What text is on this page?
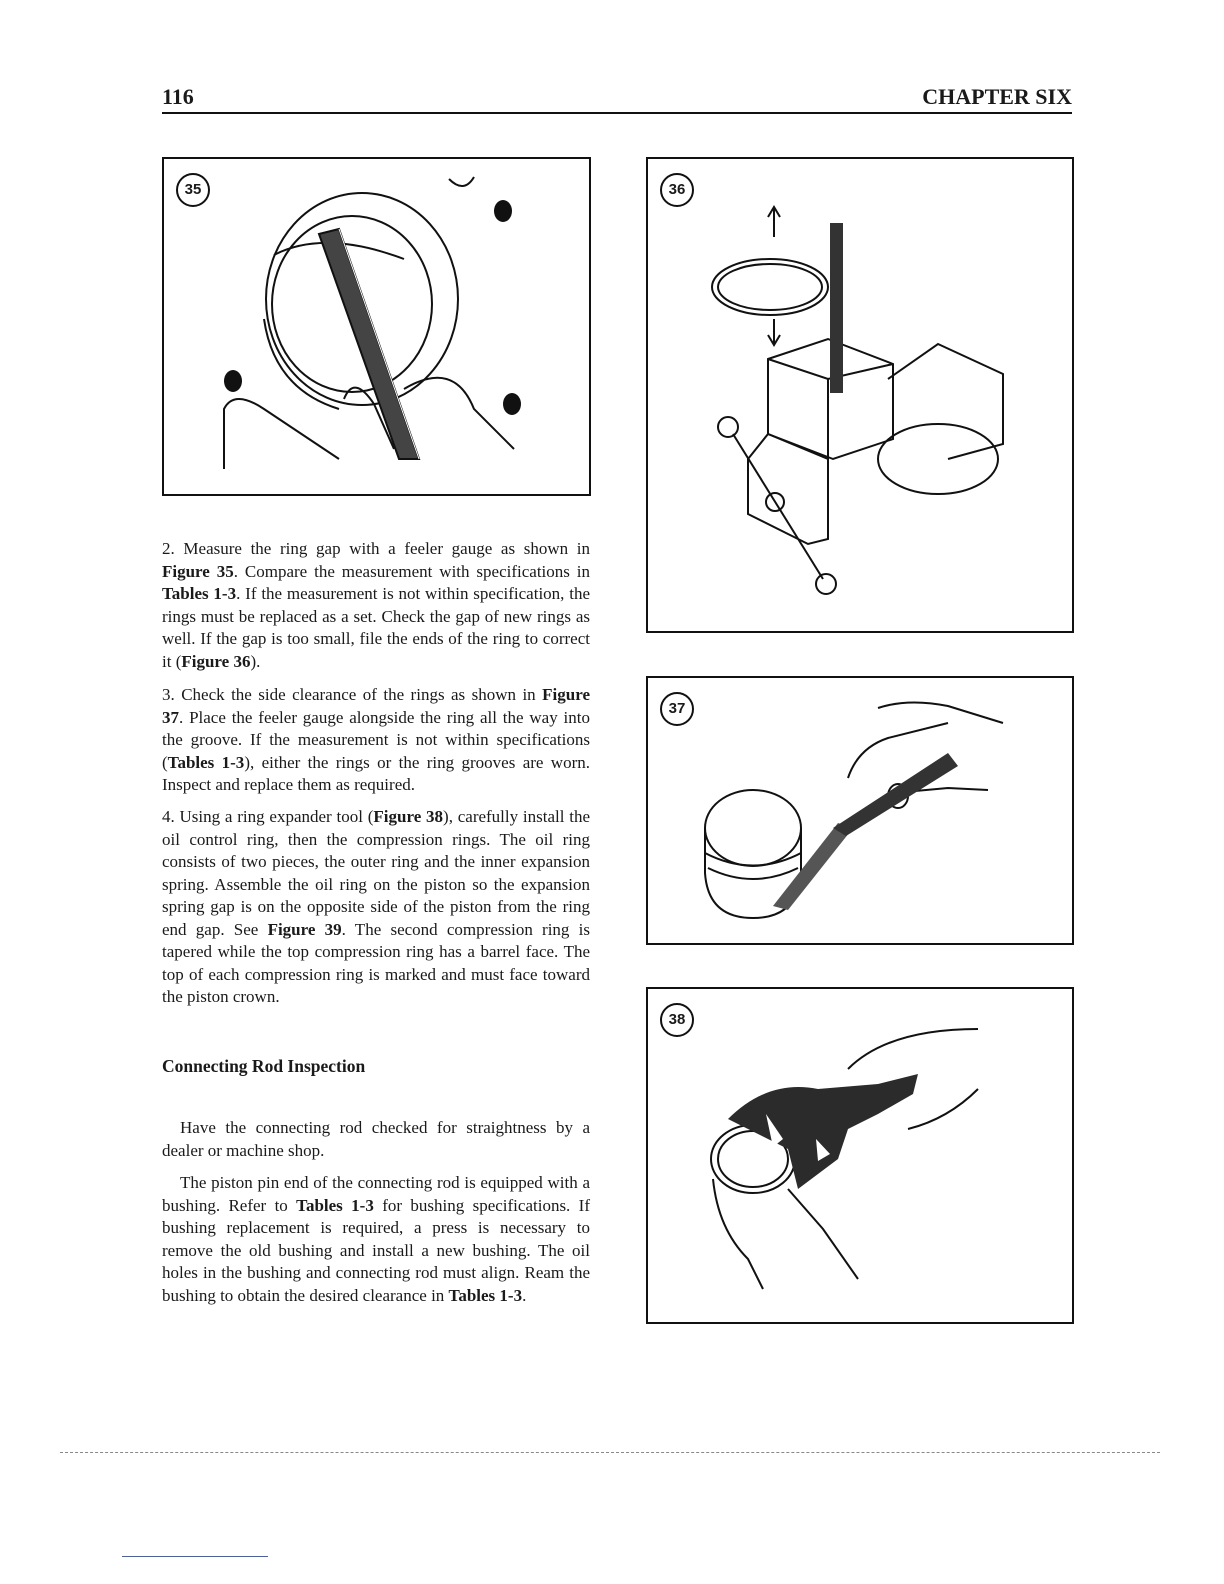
116	CHAPTER SIX
35	36
37
38

2. Measure the ring gap with a feeler gauge as shown in Figure 35. Compare the measurement with specifications in Tables 1-3. If the measurement is not within specification, the rings must be replaced as a set. Check the gap of new rings as well. If the gap is too small, file the ends of the ring to correct it (Figure 36).

3. Check the side clearance of the rings as shown in Figure 37. Place the feeler gauge alongside the ring all the way into the groove. If the measurement is not within specifications (Tables 1-3), either the rings or the ring grooves are worn. Inspect and replace them as required.

4. Using a ring expander tool (Figure 38), carefully install the oil control ring, then the compression rings. The oil ring consists of two pieces, the outer ring and the inner expansion spring. Assemble the oil ring on the piston so the expansion spring gap is on the opposite side of the piston from the ring end gap. See Figure 39. The second compression ring is tapered while the top compression ring has a barrel face. The top of each compression ring is marked and must face toward the piston crown.

Connecting Rod Inspection

Have the connecting rod checked for straightness by a dealer or machine shop.

The piston pin end of the connecting rod is equipped with a bushing. Refer to Tables 1-3 for bushing specifications. If bushing replacement is required, a press is necessary to remove the old bushing and install a new bushing. The oil holes in the bushing and connecting rod must align. Ream the bushing to obtain the desired clearance in Tables 1-3.
